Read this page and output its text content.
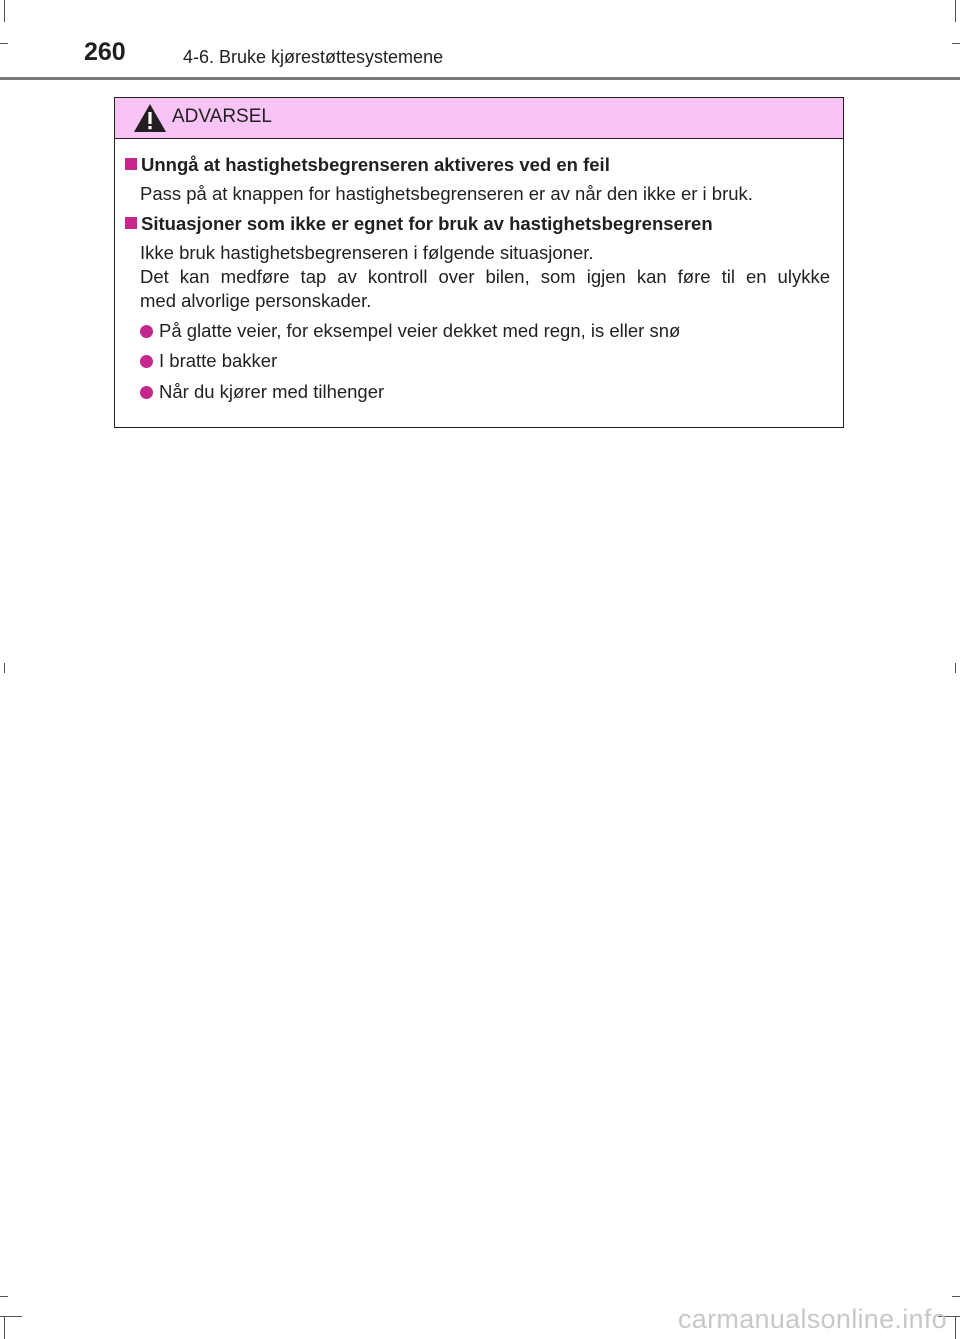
260	4-6. Bruke kjørestøttesystemene
ADVARSEL
Unngå at hastighetsbegrenseren aktiveres ved en feil
Pass på at knappen for hastighetsbegrenseren er av når den ikke er i bruk.
Situasjoner som ikke er egnet for bruk av hastighetsbegrenseren
Ikke bruk hastighetsbegrenseren i følgende situasjoner.
Det kan medføre tap av kontroll over bilen, som igjen kan føre til en ulykke
med alvorlige personskader.
På glatte veier, for eksempel veier dekket med regn, is eller snø
I bratte bakker
Når du kjører med tilhenger
carmanualsonline.info
